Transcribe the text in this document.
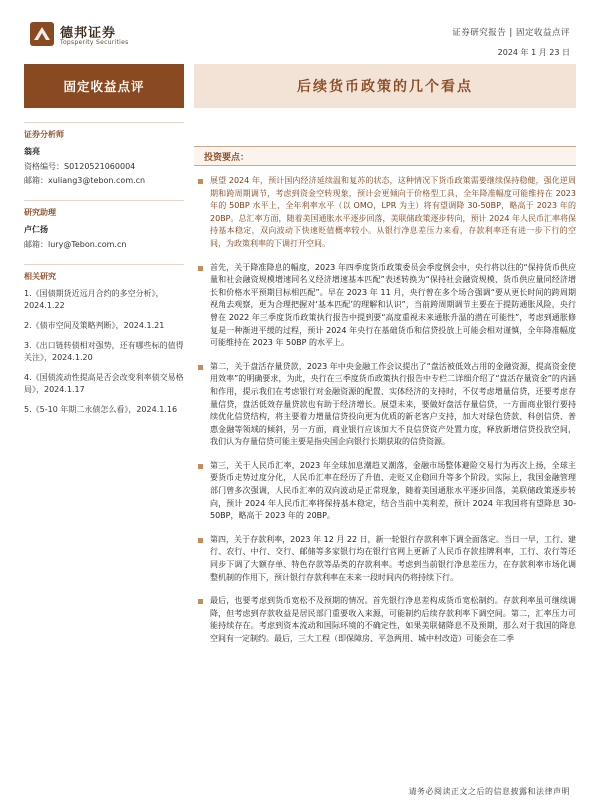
德邦证券
Topsperity Securities
证券研究报告 | 固定收益点评
2024 年 1 月 23 日
固定收益点评
证券分析师
翁亮
资格编号：S0120521060004
邮箱：xuliang3@tebon.com.cn
研究助理
卢仁扬
邮箱：lury@Tebon.com.cn
相关研究
1.《国债期货近远月合约的多空分析》，2024.1.22
2.《债市空间及策略判断》，2024.1.21
3.《出口链转债相对强势，还有哪些标的值得关注》，2024.1.20
4.《国债流动性提高是否会改变利率债交易格局》，2024.1.17
5.《5-10 年期二永债怎么看》，2024.1.16
后续货币政策的几个看点
投资要点：

展望 2024 年，预计国内经济延续温和复苏的状态，这种情况下货币政策需要继续保持稳健，强化逆周期和跨周期调节，考虑到资金空转现象，预计会更倾向于价格型工具，全年降准幅度可能维持在 2023 年的 50BP 水平上，全年利率水平（以 OMO，LPR 为主）将有望调降 30-50BP，略高于 2023 年的 20BP。总汇率方面，随着美国通胀水平逐步回落，美联储政策逐步转向，预计 2024 年人民币汇率将保持基本稳定，双向波动下快速贬值概率较小。从银行净息差压力来看，存款利率还有进一步下行的空间，为政策利率的下调打开空间。

首先，关于降准降息的幅度，2023 年四季度货币政策委员会季度例会中，央行将以往的“保持货币供应量和社会融资规模增速同名义经济增速基本匹配”表述转换为“保持社会融资规模、货币供应量同经济增长和价格水平预期目标相匹配”。早在 2023 年 11 月，央行曾在多个场合强调“要从更长时间的跨周期视角去观察，更为合理把握对‘基本匹配’的理解和认识”，当前跨周期调节主要在于提防通胀风险，央行曾在 2022 年三季度货币政策执行报告中提到要“高度重视未来通胀升温的潜在可能性”，考虑到通胀修复是一种渐进平缓的过程，预计 2024 年央行在基础货币和信贷投放上可能会相对谨慎，全年降准幅度可能维持在 2023 年 50BP 的水平上。

第二，关于盘活存量贷款，2023 年中央金融工作会议提出了“盘活被低效占用的金融资源，提高资金使用效率”的明确要求，为此，央行在三季度货币政策执行报告中专栏二详细介绍了“盘活存量资金”的内涵和作用，提示我们在考虑银行对金融资源的配置、实体经济的支持时，不仅考虑增量信贷，还要考虑存量信贷，盘活低效存量贷款也有助于经济增长。展望未来，要做好盘活存量信贷，一方面商业银行要持续优化信贷结构，将主要着力增量信贷投向更为优质的新老客户支持，加大对绿色贷款、科创信贷、普惠金融等领域的倾斜，另一方面，商业银行应该加大不良信贷资产处置力度，释放新增信贷投放空间，我们认为存量信贷可能主要是指央国企向银行长期获取的信贷资源。

第三，关于人民币汇率，2023 年全球加息潮趋叉潮落，金融市场整体避险交易行为再次上扬，全球主要货币走势过度分化，人民币汇率在经历了升值、走贬又企稳回升等多个阶段。实际上，我国金融管理部门曾多次强调，人民币汇率的双向波动是正常现象，随着美国通胀水平逐步回落，美联储政策逐步转向，预计 2024 年人民币汇率将保持基本稳定，结合当前中美利差，预计 2024 年我国将有望降息 30-50BP，略高于 2023 年的 20BP。

第四，关于存款利率，2023 年 12 月 22 日，新一轮银行存款利率下调全面落定。当日一早，工行、建行、农行、中行、交行、邮储等多家银行均在银行官网上更新了人民币存款挂牌利率，工行、农行等还同步下调了大额存单、特色存款等品类的存款利率。考虑到当前银行净息差压力，在存款利率市场化调整机制的作用下，预计银行存款利率在未来一段时间内仍将持续下行。

最后，也要考虑到货币宽松不及预期的情况。首先银行净息差构成货币宽松制约。存款利率虽可继续调降，但考虑到存款收益是居民部门重要收入来源，可能制约后续存款利率下调空间。第二，汇率压力可能持续存在。考虑到资本流动和国际环境的不确定性，如果美联储降息不及预期，那么对于我国的降息空间有一定制约。最后，三大工程（即保障房、平急两用、城中村改造）可能会在二季

请务必阅读正文之后的信息披露和法律声明
